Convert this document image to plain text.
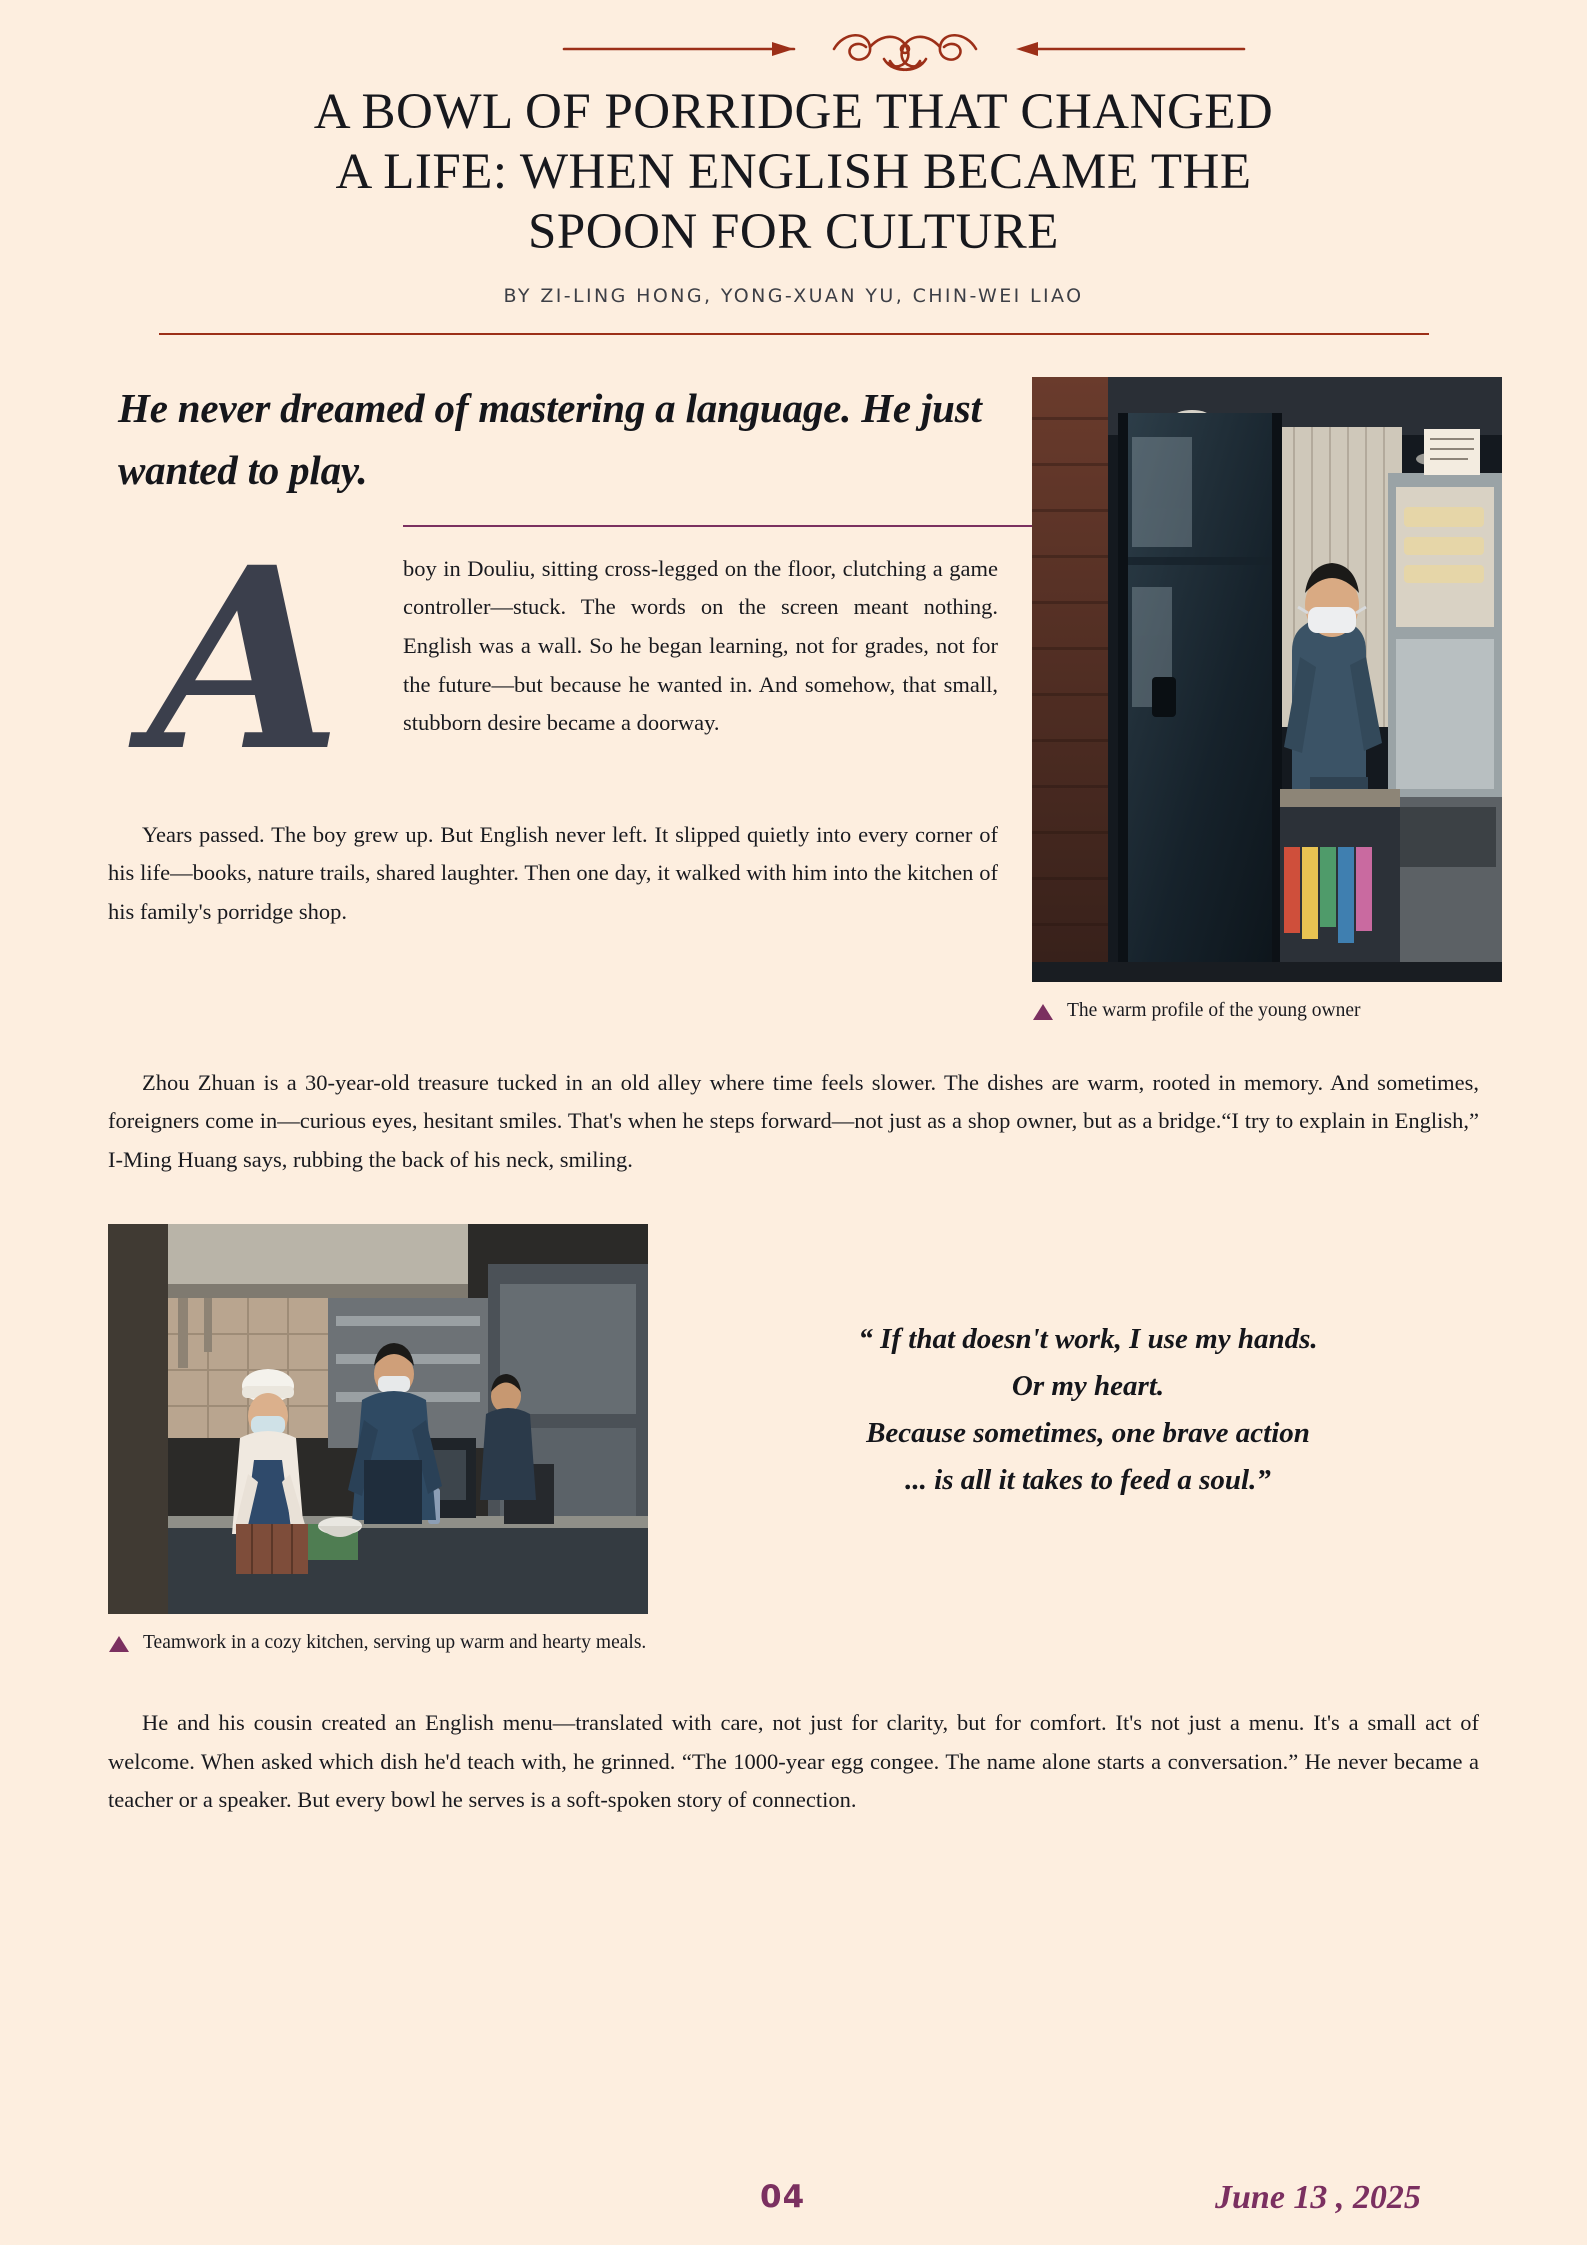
A BOWL OF PORRIDGE THAT CHANGED
A LIFE: WHEN ENGLISH BECAME THE
SPOON FOR CULTURE
BY ZI-LING HONG, YONG-XUAN YU, CHIN-WEI LIAO

He never dreamed of mastering a language. He just wanted to play.

A	boy in Douliu, sitting cross-legged on the floor, clutching a game controller—stuck. The words on the screen meant nothing. English was a wall. So he began learning, not for grades, not for the future—but because he wanted in. And somehow, that small, stubborn desire became a doorway.

Years passed. The boy grew up. But English never left. It slipped quietly into every corner of his life—books, nature trails, shared laughter. Then one day, it walked with him into the kitchen of his family's porridge shop.

The warm profile of the young owner

Zhou Zhuan is a 30-year-old treasure tucked in an old alley where time feels slower. The dishes are warm, rooted in memory. And sometimes, foreigners come in—curious eyes, hesitant smiles. That's when he steps forward—not just as a shop owner, but as a bridge.“I try to explain in English,” I-Ming Huang says, rubbing the back of his neck, smiling.

Teamwork in a cozy kitchen, serving up warm and hearty meals.
“ If that doesn't work, I use my hands.
Or my heart.
Because sometimes, one brave action
... is all it takes to feed a soul.”

He and his cousin created an English menu—translated with care, not just for clarity, but for comfort. It's not just a menu. It's a small act of welcome. When asked which dish he'd teach with, he grinned. “The 1000-year egg congee. The name alone starts a conversation.” He never became a teacher or a speaker. But every bowl he serves is a soft-spoken story of connection.

04	June 13 , 2025
